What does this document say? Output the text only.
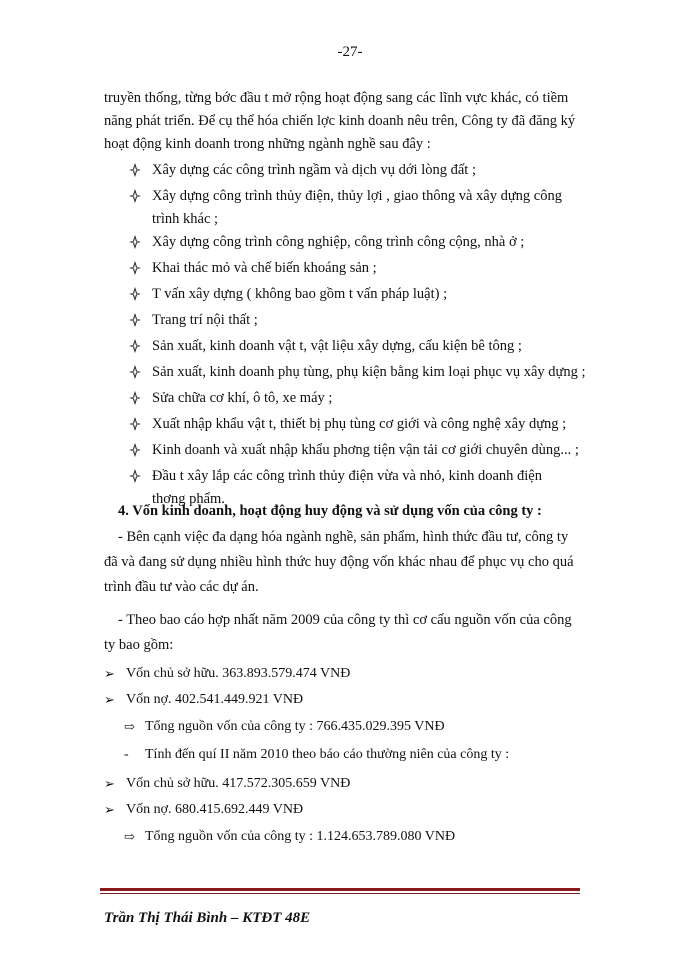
-27-
truyền thống, từng bớc đầu t mở rộng hoạt động sang các lĩnh vực khác, có tiềm
năng phát triển. Để cụ thể hóa chiến lợc kinh doanh nêu trên, Công ty đã đăng ký
hoạt động kinh doanh trong những ngành nghề sau đây :
Xây dựng các công trình ngầm và dịch vụ dới lòng đất ;
Xây dựng công trình thủy điện, thủy lợi , giao thông và xây dựng công
trình khác ;
Xây dựng công trình công nghiệp, công trình công cộng, nhà ở ;
Khai thác mỏ và chế biến khoáng sản ;
T vấn xây dựng ( không bao gồm t vấn pháp luật) ;
Trang trí nội thất ;
Sản xuất, kinh doanh vật t, vật liệu xây dựng, cấu kiện bê tông ;
Sản xuất, kinh doanh phụ tùng, phụ kiện bằng kim loại phục vụ xây dựng ;
Sửa chữa cơ khí, ô tô, xe máy ;
Xuất nhập khẩu vật t, thiết bị phụ tùng cơ giới và công nghệ xây dựng ;
Kinh doanh và xuất nhập khẩu phơng tiện vận tải cơ giới chuyên dùng... ;
Đầu t xây lắp các công trình thủy điện vừa và nhỏ, kinh doanh điện
thơng phẩm.
4. Vốn kinh doanh, hoạt động huy động và sử dụng vốn của công ty :
- Bên cạnh việc đa dạng hóa ngành nghề, sản phẩm, hình thức đầu tư, công ty
đã và đang sử dụng nhiều hình thức huy động vốn khác nhau để phục vụ cho quá
trình đầu tư vào các dự án.
- Theo bao cáo hợp nhất năm 2009 của công ty thì cơ cấu nguồn vốn của công
ty bao gồm:
➢ Vốn chủ sở hữu. 363.893.579.474 VNĐ
➢ Vốn nợ. 402.541.449.921 VNĐ
⇨ Tổng nguồn vốn của công ty : 766.435.029.395 VNĐ
- Tính đến quí II năm 2010 theo báo cáo thường niên của công ty :
➢ Vốn chủ sở hữu. 417.572.305.659 VNĐ
➢ Vốn nợ. 680.415.692.449 VNĐ
⇨ Tổng nguồn vốn của công ty : 1.124.653.789.080 VNĐ
Trần Thị Thái Bình – KTĐT 48E
